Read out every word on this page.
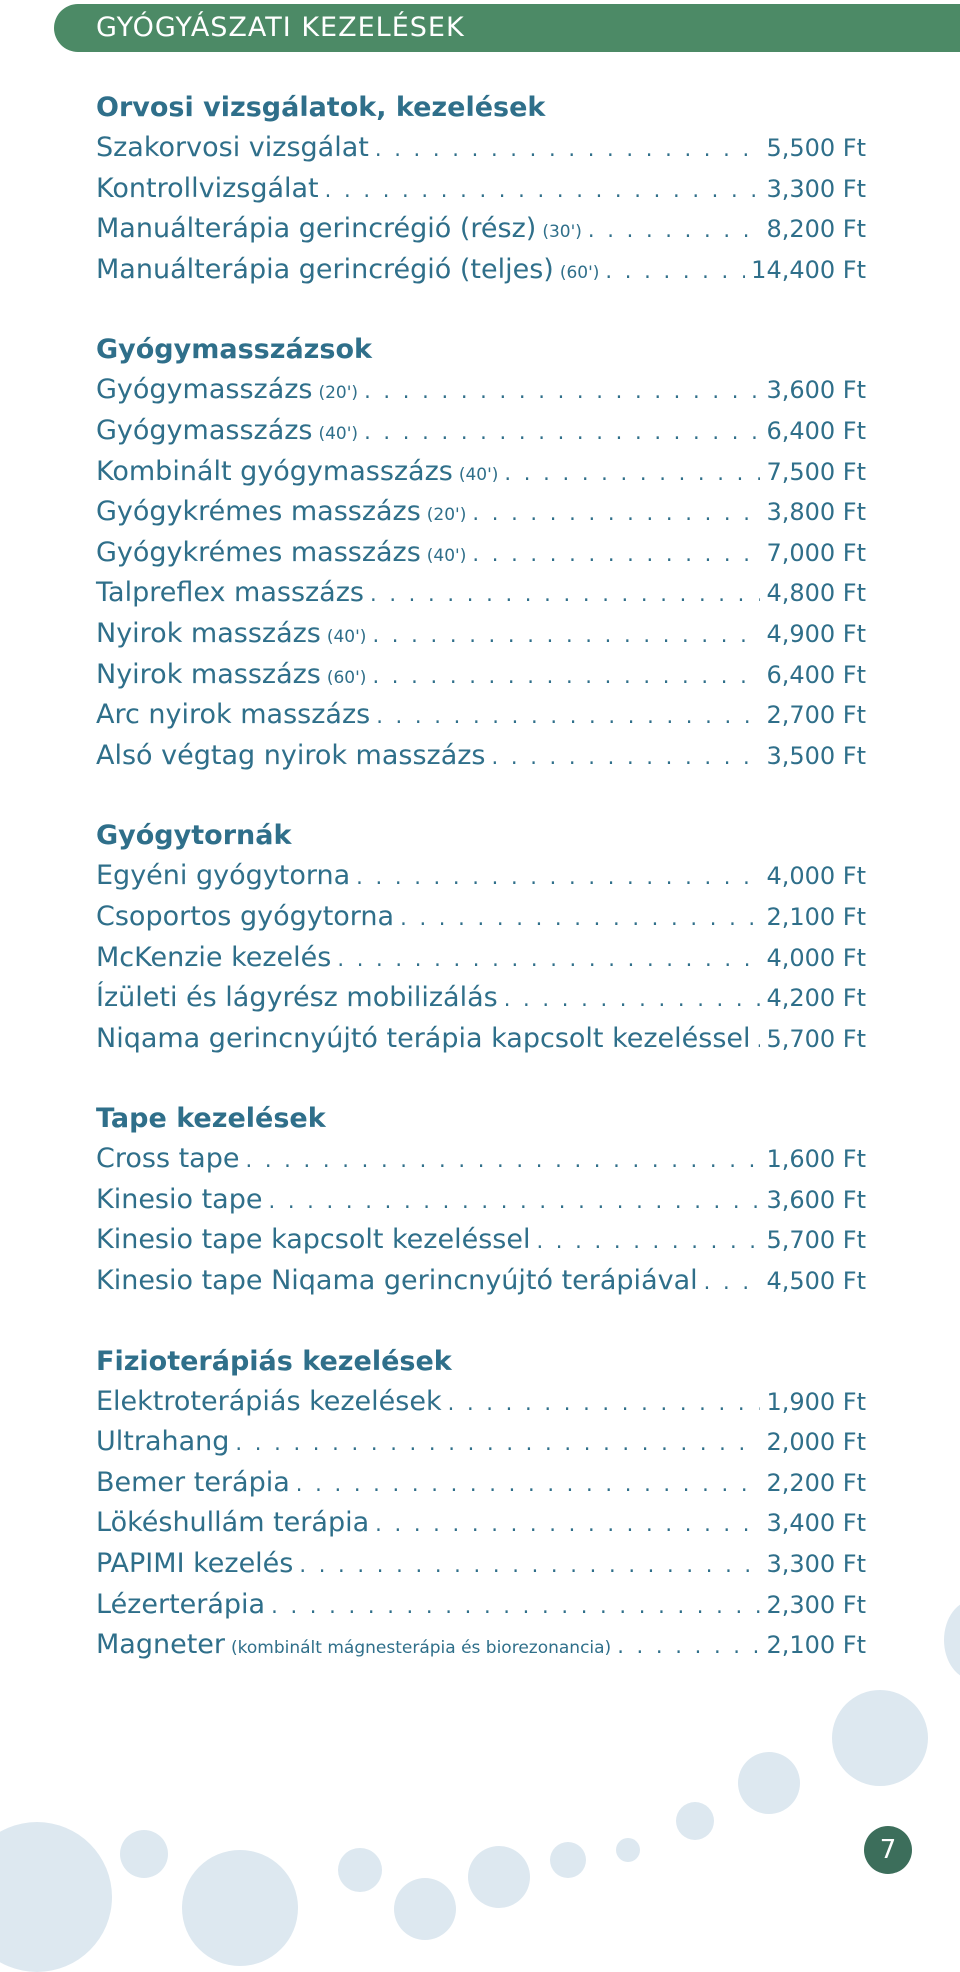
GYÓGYÁSZATI KEZELÉSEK
Orvosi vizsgálatok, kezelések
Szakorvosi vizsgálat . . .	5,500 Ft
Kontrollvizsgálat . . .	3,300 Ft
Manuálterápia gerincrégió (rész) (30') . . .	8,200 Ft
Manuálterápia gerincrégió (teljes) (60') . . .	14,400 Ft
Gyógymasszázsok
Gyógymasszázs (20') . . .	3,600 Ft
Gyógymasszázs (40') . . .	6,400 Ft
Kombinált gyógymasszázs (40') . . .	7,500 Ft
Gyógykrémes masszázs (20') . . .	3,800 Ft
Gyógykrémes masszázs (40') . . .	7,000 Ft
Talpreflex masszázs . . .	4,800 Ft
Nyirok masszázs (40') . . .	4,900 Ft
Nyirok masszázs (60') . . .	6,400 Ft
Arc nyirok masszázs . . .	2,700 Ft
Alsó végtag nyirok masszázs . . .	3,500 Ft
Gyógytornák
Egyéni gyógytorna . . .	4,000 Ft
Csoportos gyógytorna . . .	2,100 Ft
McKenzie kezelés . . .	4,000 Ft
Ízületi és lágyrész mobilizálás . . .	4,200 Ft
Niqama gerincnyújtó terápia kapcsolt kezeléssel . . . 5,700 Ft
Tape kezelések
Cross tape . . .	1,600 Ft
Kinesio tape . . .	3,600 Ft
Kinesio tape kapcsolt kezeléssel . . .	5,700 Ft
Kinesio tape Niqama gerincnyújtó terápiával . . .	4,500 Ft
Fizioterápiás kezelések
Elektroterápiás kezelések . . .	1,900 Ft
Ultrahang . . .	2,000 Ft
Bemer terápia . . .	2,200 Ft
Lökéshullám terápia . . .	3,400 Ft
PAPIMI kezelés . . .	3,300 Ft
Lézerterápia . . .	2,300 Ft
Magneter (kombinált mágnesterápia és biorezonancia) . . .	2,100 Ft
7
